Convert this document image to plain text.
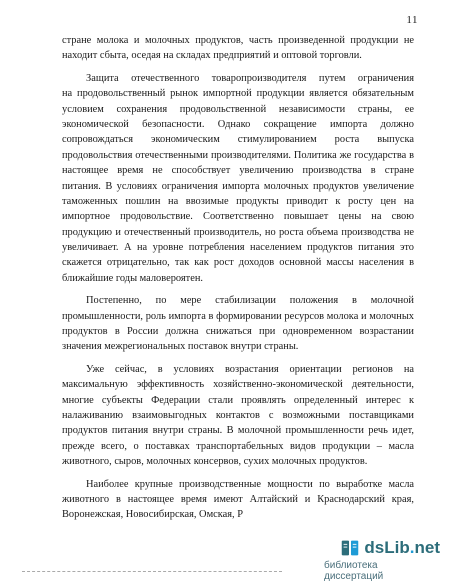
11

стране молока и молочных продуктов, часть произведенной продукции не
находит сбыта, оседая на складах предприятий и оптовой торговли.

Защита отечественного товаропроизводителя путем ограничения
на продовольственный рынок импортной продукции является обязательным
условием сохранения продовольственной независимости страны, ее
экономической безопасности. Однако сокращение импорта должно
сопровождаться экономическим стимулированием роста выпуска
продовольствия отечественными производителями. Политика же государства в
настоящее время не способствует увеличению производства в стране
питания. В условиях ограничения импорта молочных продуктов увеличение
таможенных пошлин на ввозимые продукты приводит к росту цен на
импортное продовольствие. Соответственно повышает цены на свою
продукцию и отечественный производитель, но роста объема производства не
увеличивает. А на уровне потребления населением продуктов питания это
скажется отрицательно, так как рост доходов основной массы населения в
ближайшие годы маловероятен.

Постепенно, по мере стабилизации положения в молочной
промышленности, роль импорта в формировании ресурсов молока и молочных
продуктов в России должна снижаться при одновременном возрастании
значения межрегиональных поставок внутри страны.

Уже сейчас, в условиях возрастания ориентации регионов на
максимальную эффективность хозяйственно-экономической деятельности,
многие субъекты Федерации стали проявлять определенный интерес к
налаживанию взаимовыгодных контактов с возможными поставщиками
продуктов питания внутри страны. В молочной промышленности речь идет,
прежде всего, о поставках транспортабельных видов продукции – масла
животного, сыров, молочных консервов, сухих молочных продуктов.

Наиболее крупные производственные мощности по выработке масла
животного в настоящее время имеют Алтайский и Краснодарский края,
Воронежская, Новосибирская, Омская, Р

dsLib.net
библиотека диссертаций
